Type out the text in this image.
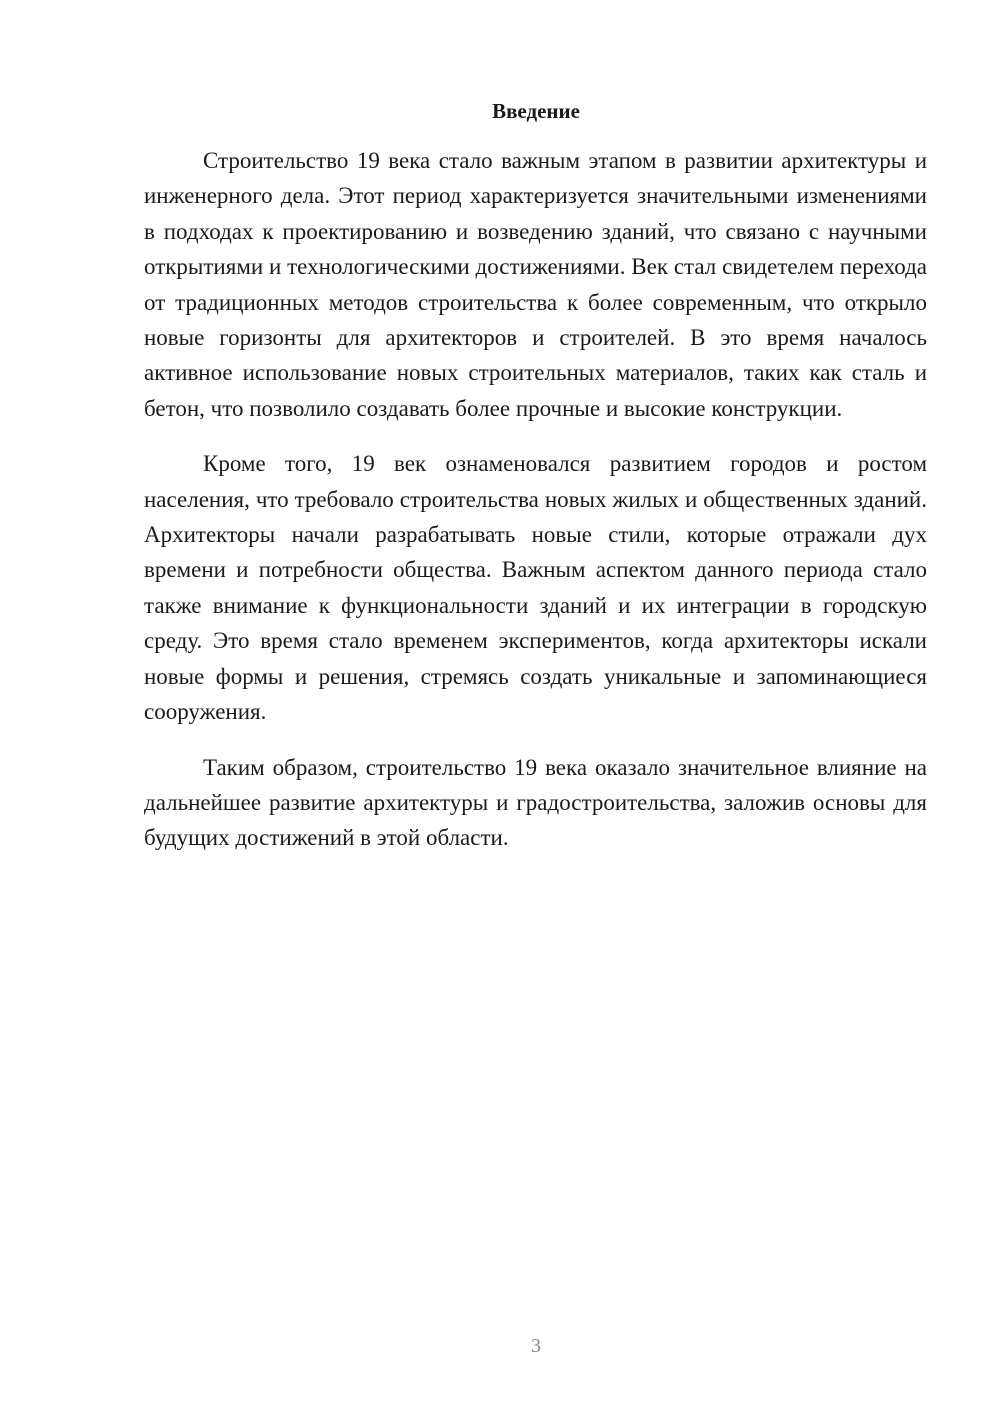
Введение

Строительство 19 века стало важным этапом в развитии архитектуры и инженерного дела. Этот период характеризуется значительными изменениями в подходах к проектированию и возведению зданий, что связано с научными открытиями и технологическими достижениями. Век стал свидетелем перехода от традиционных методов строительства к более современным, что открыло новые горизонты для архитекторов и строителей. В это время началось активное использование новых строительных материалов, таких как сталь и бетон, что позволило создавать более прочные и высокие конструкции.

Кроме того, 19 век ознаменовался развитием городов и ростом населения, что требовало строительства новых жилых и общественных зданий. Архитекторы начали разрабатывать новые стили, которые отражали дух времени и потребности общества. Важным аспектом данного периода стало также внимание к функциональности зданий и их интеграции в городскую среду. Это время стало временем экспериментов, когда архитекторы искали новые формы и решения, стремясь создать уникальные и запоминающиеся сооружения.

Таким образом, строительство 19 века оказало значительное влияние на дальнейшее развитие архитектуры и градостроительства, заложив основы для будущих достижений в этой области.

3
